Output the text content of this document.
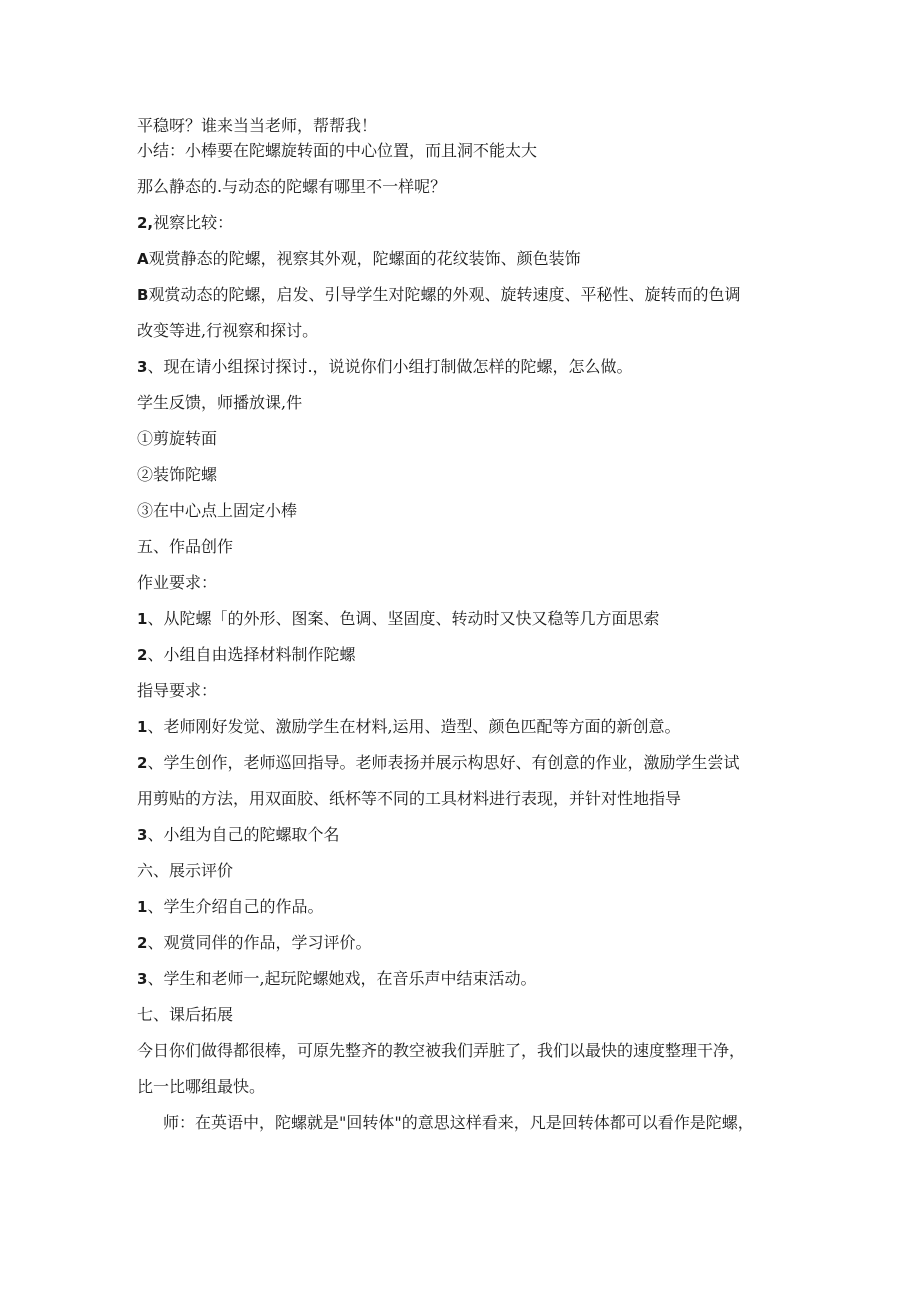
平稳呀？谁来当当老师，帮帮我！
小结：小棒要在陀螺旋转面的中心位置，而且洞不能太大
那么静态的.与动态的陀螺有哪里不一样呢？
2,视察比较：
A观赏静态的陀螺，视察其外观，陀螺面的花纹装饰、颜色装饰
B观赏动态的陀螺，启发、引导学生对陀螺的外观、旋转速度、平秘性、旋转而的色调
改变等进,行视察和探讨。
3、现在请小组探讨探讨.，说说你们小组打制做怎样的陀螺，怎么做。
学生反馈，师播放课,件
①剪旋转面
②装饰陀螺
③在中心点上固定小棒
五、作品创作
作业要求：
1、从陀螺「的外形、图案、色调、坚固度、转动时又快又稳等几方面思索
2、小组自由选择材料制作陀螺
指导要求：
1、老师刚好发觉、激励学生在材料,运用、造型、颜色匹配等方面的新创意。
2、学生创作，老师巡回指导。老师表扬并展示构思好、有创意的作业，激励学生尝试
用剪贴的方法，用双面胶、纸杯等不同的工具材料进行表现，并针对性地指导
3、小组为自己的陀螺取个名
六、展示评价
1、学生介绍自己的作品。
2、观赏同伴的作品，学习评价。
3、学生和老师一,起玩陀螺她戏，在音乐声中结束活动。
七、课后拓展
今日你们做得都很棒，可原先整齐的教空被我们弄脏了，我们以最快的速度整理干净，
比一比哪组最快。
师：在英语中，陀螺就是"回转体"的意思这样看来，凡是回转体都可以看作是陀螺，
